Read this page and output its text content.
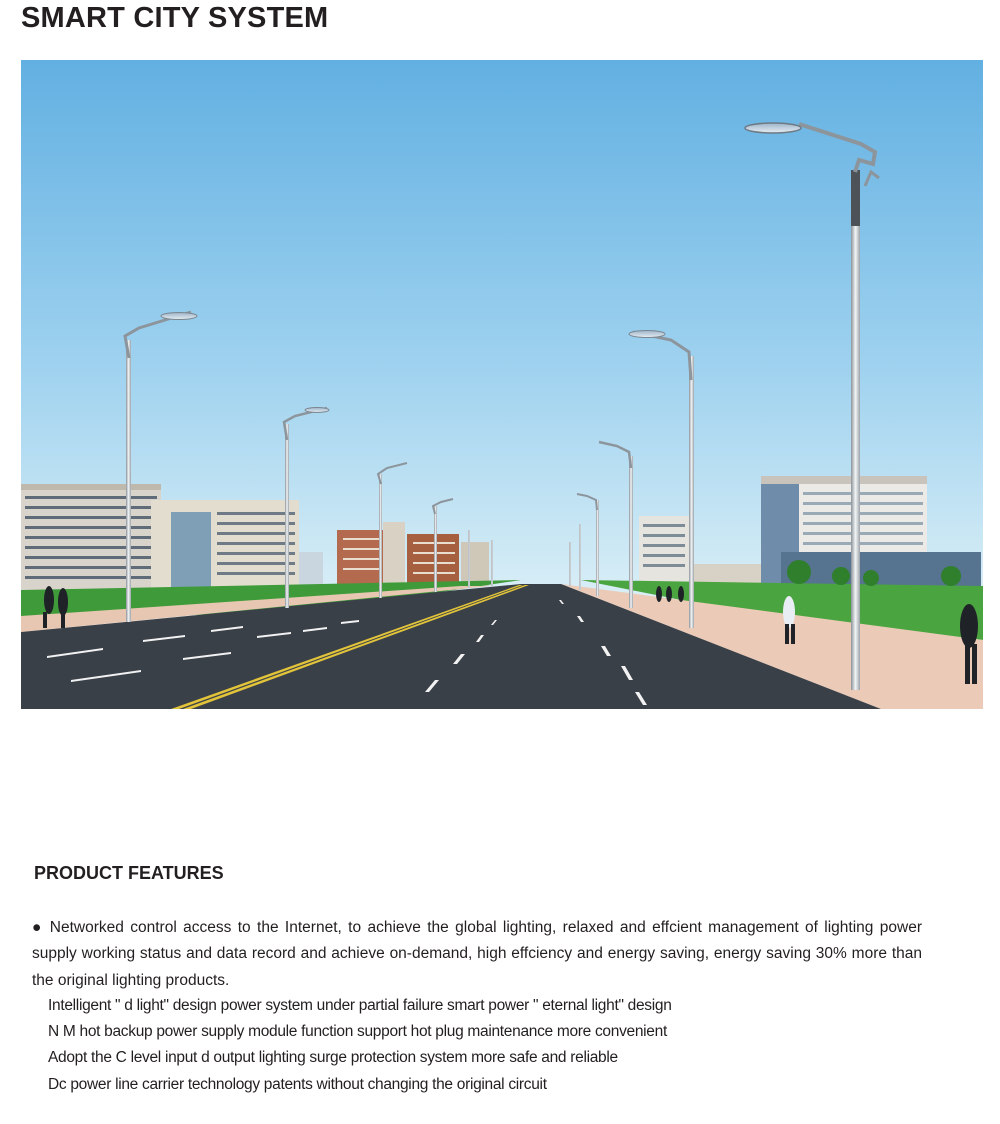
SMART CITY SYSTEM
PRODUCT FEATURES

● Networked control access to the Internet, to achieve the global lighting, relaxed and effcient management of lighting power supply working status and data record and achieve on-demand, high effciency and energy saving, energy saving 30% more than the original lighting products.

Intelligent " d light" design power system under partial failure smart power " eternal light" design

N M hot backup power supply module function support hot plug maintenance more convenient

Adopt the C level input d output lighting surge protection system more safe and reliable

Dc power line carrier technology patents without changing the original circuit
